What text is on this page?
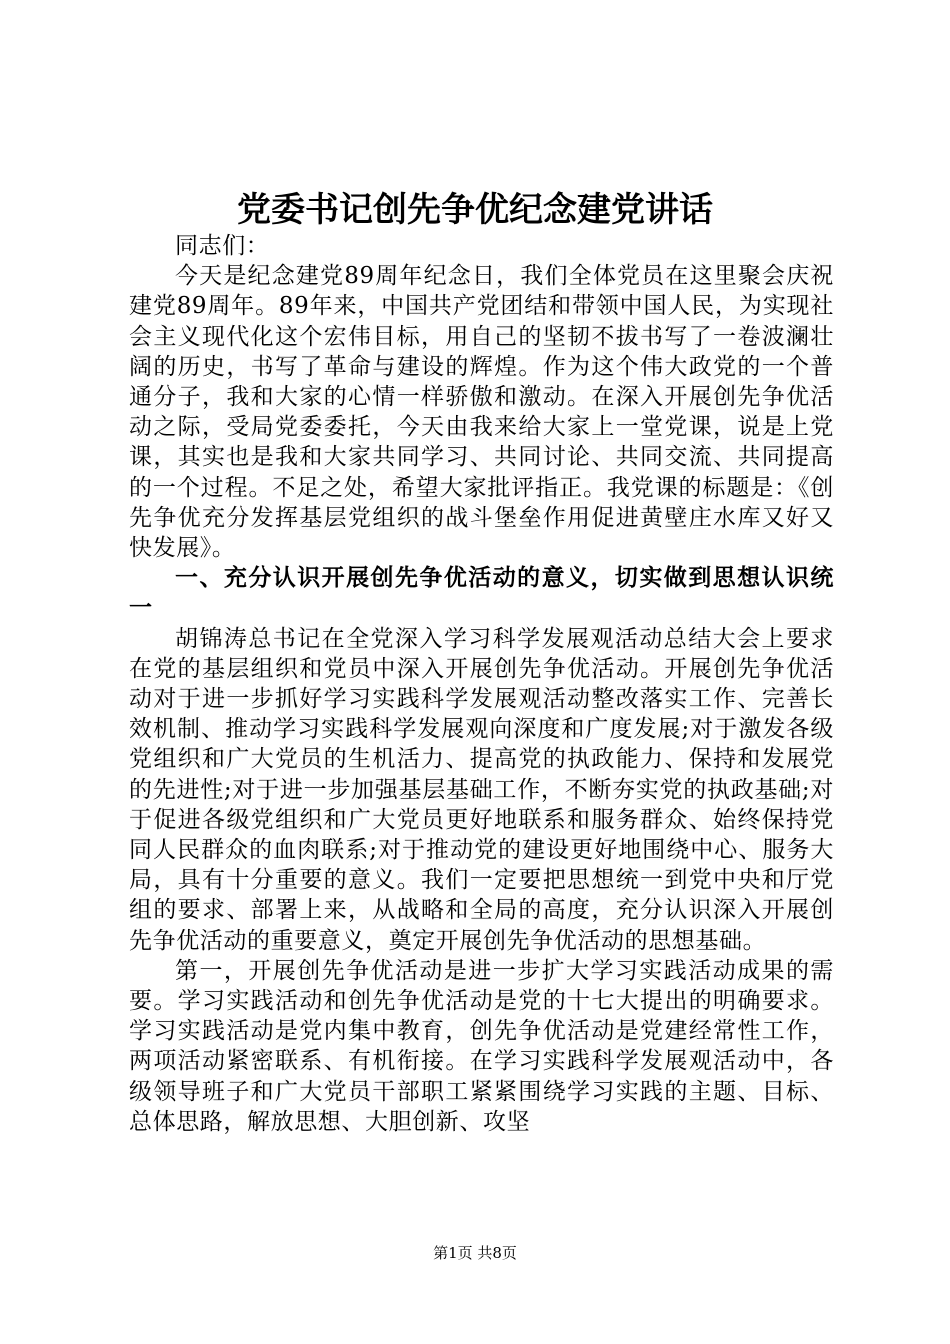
党委书记创先争优纪念建党讲话

同志们：

今天是纪念建党89周年纪念日，我们全体党员在这里聚会庆祝建党89周年。89年来，中国共产党团结和带领中国人民，为实现社会主义现代化这个宏伟目标，用自己的坚韧不拔书写了一卷波澜壮阔的历史，书写了革命与建设的辉煌。作为这个伟大政党的一个普通分子，我和大家的心情一样骄傲和激动。在深入开展创先争优活动之际，受局党委委托，今天由我来给大家上一堂党课，说是上党课，其实也是我和大家共同学习、共同讨论、共同交流、共同提高的一个过程。不足之处，希望大家批评指正。我党课的标题是：《创先争优充分发挥基层党组织的战斗堡垒作用促进黄壁庄水库又好又快发展》。

一、充分认识开展创先争优活动的意义，切实做到思想认识统一

胡锦涛总书记在全党深入学习科学发展观活动总结大会上要求在党的基层组织和党员中深入开展创先争优活动。开展创先争优活动对于进一步抓好学习实践科学发展观活动整改落实工作、完善长效机制、推动学习实践科学发展观向深度和广度发展;对于激发各级党组织和广大党员的生机活力、提高党的执政能力、保持和发展党的先进性;对于进一步加强基层基础工作，不断夯实党的执政基础;对于促进各级党组织和广大党员更好地联系和服务群众、始终保持党同人民群众的血肉联系;对于推动党的建设更好地围绕中心、服务大局，具有十分重要的意义。我们一定要把思想统一到党中央和厅党组的要求、部署上来，从战略和全局的高度，充分认识深入开展创先争优活动的重要意义，奠定开展创先争优活动的思想基础。

第一，开展创先争优活动是进一步扩大学习实践活动成果的需要。学习实践活动和创先争优活动是党的十七大提出的明确要求。学习实践活动是党内集中教育，创先争优活动是党建经常性工作，两项活动紧密联系、有机衔接。在学习实践科学发展观活动中，各级领导班子和广大党员干部职工紧紧围绕学习实践的主题、目标、总体思路，解放思想、大胆创新、攻坚

第1页 共8页
